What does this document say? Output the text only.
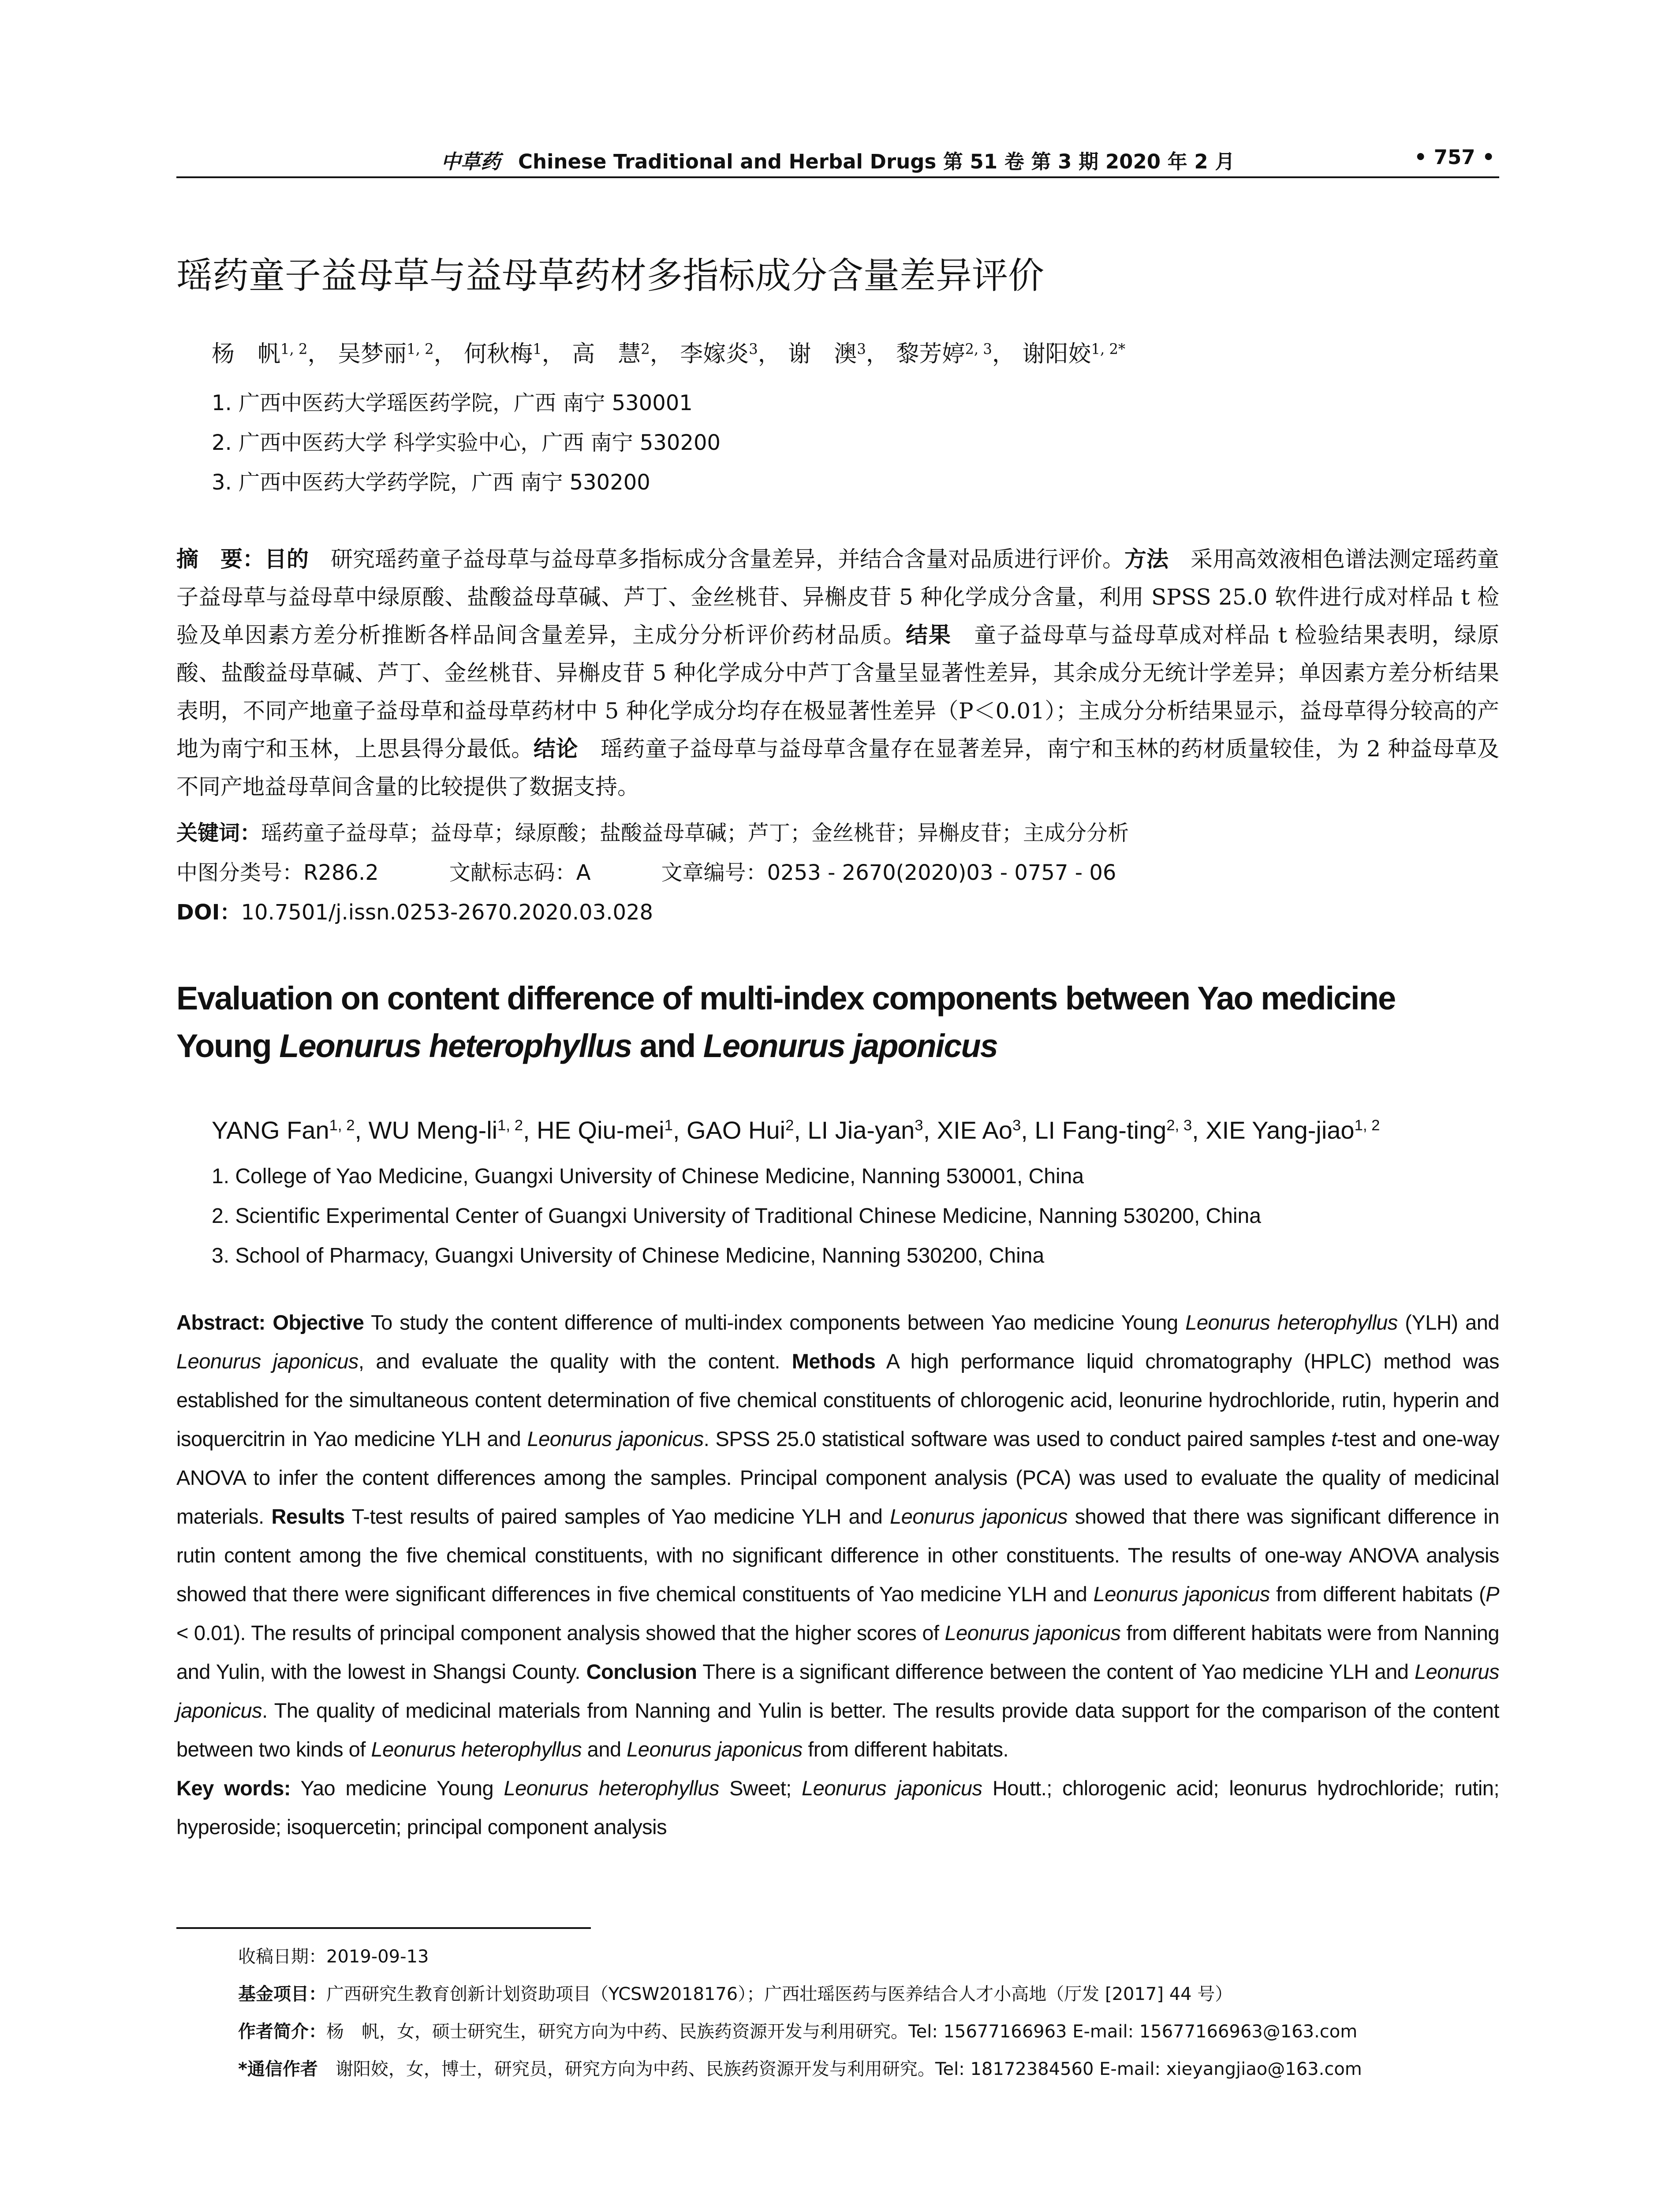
中草药 Chinese Traditional and Herbal Drugs 第 51 卷 第 3 期 2020 年 2 月	• 757 •
瑶药童子益母草与益母草药材多指标成分含量差异评价
杨　帆$^{1, 2}$， 吴梦丽$^{1, 2}$， 何秋梅$^1$， 高　慧$^2$， 李嫁炎$^3$， 谢　澳$^3$， 黎芳婷$^{2, 3}$， 谢阳姣$^{1, 2*}$
1. 广西中医药大学瑶医药学院，广西 南宁 530001
2. 广西中医药大学 科学实验中心，广西 南宁 530200
3. 广西中医药大学药学院，广西 南宁 530200

摘　要：目的　研究瑶药童子益母草与益母草多指标成分含量差异，并结合含量对品质进行评价。方法　采用高效液相色谱法测定瑶药童子益母草与益母草中绿原酸、盐酸益母草碱、芦丁、金丝桃苷、异槲皮苷 5 种化学成分含量，利用 SPSS 25.0 软件进行成对样品 t 检验及单因素方差分析推断各样品间含量差异，主成分分析评价药材品质。结果　童子益母草与益母草成对样品 t 检验结果表明，绿原酸、盐酸益母草碱、芦丁、金丝桃苷、异槲皮苷 5 种化学成分中芦丁含量呈显著性差异，其余成分无统计学差异；单因素方差分析结果表明，不同产地童子益母草和益母草药材中 5 种化学成分均存在极显著性差异（P＜0.01）；主成分分析结果显示，益母草得分较高的产地为南宁和玉林，上思县得分最低。结论　瑶药童子益母草与益母草含量存在显著差异，南宁和玉林的药材质量较佳，为 2 种益母草及不同产地益母草间含量的比较提供了数据支持。

关键词：瑶药童子益母草；益母草；绿原酸；盐酸益母草碱；芦丁；金丝桃苷；异槲皮苷；主成分分析
中图分类号：R286.2	文献标志码：A	文章编号：0253 - 2670(2020)03 - 0757 - 06
DOI：10.7501/j.issn.0253-2670.2020.03.028
Evaluation on content difference of multi-index components between Yao medicine
Young Leonurus heterophyllus and Leonurus japonicus
YANG Fan$^{1, 2}$, WU Meng-li$^{1, 2}$, HE Qiu-mei$^1$, GAO Hui$^2$, LI Jia-yan$^3$, XIE Ao$^3$, LI Fang-ting$^{2, 3}$, XIE Yang-jiao$^{1, 2}$
1. College of Yao Medicine, Guangxi University of Chinese Medicine, Nanning 530001, China
2. Scientific Experimental Center of Guangxi University of Traditional Chinese Medicine, Nanning 530200, China
3. School of Pharmacy, Guangxi University of Chinese Medicine, Nanning 530200, China

Abstract: Objective To study the content difference of multi-index components between Yao medicine Young Leonurus heterophyllus (YLH) and Leonurus japonicus, and evaluate the quality with the content. Methods A high performance liquid chromatography (HPLC) method was established for the simultaneous content determination of five chemical constituents of chlorogenic acid, leonurine hydrochloride, rutin, hyperin and isoquercitrin in Yao medicine YLH and Leonurus japonicus. SPSS 25.0 statistical software was used to conduct paired samples t-test and one-way ANOVA to infer the content differences among the samples. Principal component analysis (PCA) was used to evaluate the quality of medicinal materials. Results T-test results of paired samples of Yao medicine YLH and Leonurus japonicus showed that there was significant difference in rutin content among the five chemical constituents, with no significant difference in other constituents. The results of one-way ANOVA analysis showed that there were significant differences in five chemical constituents of Yao medicine YLH and Leonurus japonicus from different habitats (P < 0.01). The results of principal component analysis showed that the higher scores of Leonurus japonicus from different habitats were from Nanning and Yulin, with the lowest in Shangsi County. Conclusion There is a significant difference between the content of Yao medicine YLH and Leonurus japonicus. The quality of medicinal materials from Nanning and Yulin is better. The results provide data support for the comparison of the content between two kinds of Leonurus heterophyllus and Leonurus japonicus from different habitats.

Key words: Yao medicine Young Leonurus heterophyllus Sweet; Leonurus japonicus Houtt.; chlorogenic acid; leonurus hydrochloride; rutin; hyperoside; isoquercetin; principal component analysis

收稿日期：2019-09-13
基金项目：广西研究生教育创新计划资助项目（YCSW2018176）；广西壮瑶医药与医养结合人才小高地（厅发 [2017] 44 号）
作者简介：杨　帆，女，硕士研究生，研究方向为中药、民族药资源开发与利用研究。Tel: 15677166963 E-mail: 15677166963@163.com
*通信作者　谢阳姣，女，博士，研究员，研究方向为中药、民族药资源开发与利用研究。Tel: 18172384560 E-mail: xieyangjiao@163.com
